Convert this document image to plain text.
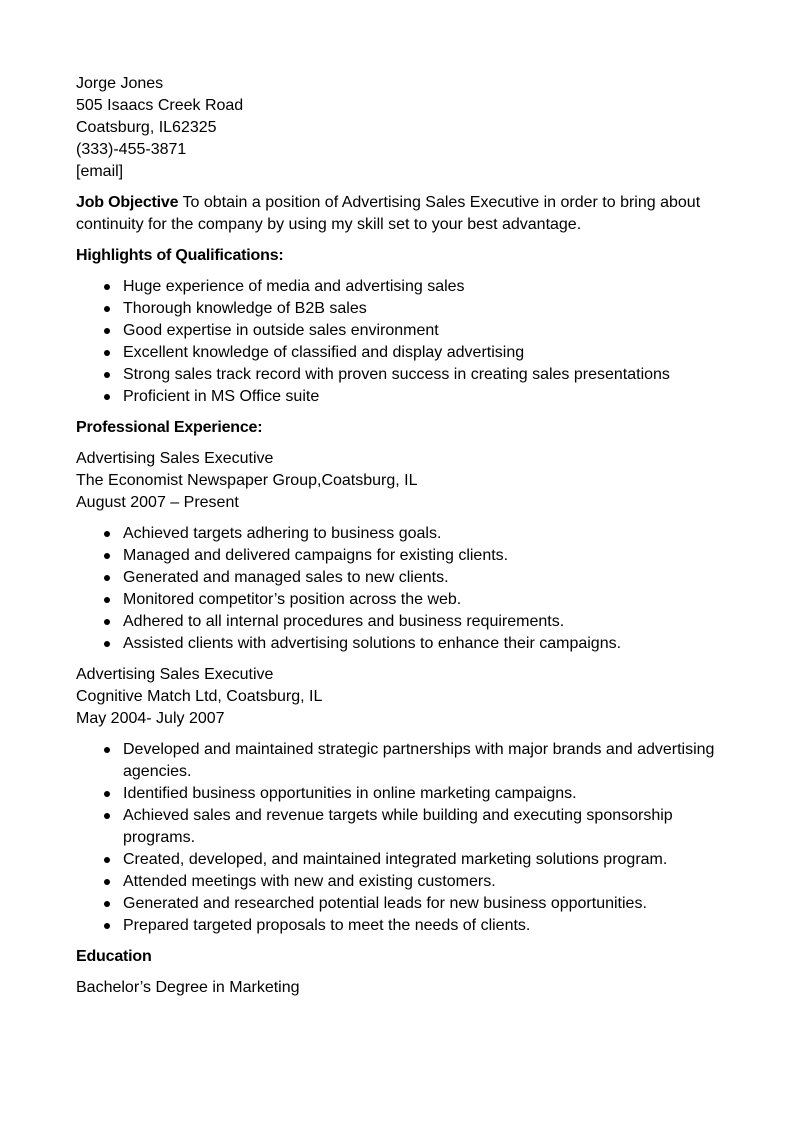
Jorge Jones
505 Isaacs Creek Road
Coatsburg, IL62325
(333)-455-3871
[email]
Job Objective To obtain a position of Advertising Sales Executive in order to bring about continuity for the company by using my skill set to your best advantage.
Highlights of Qualifications:
Huge experience of media and advertising sales
Thorough knowledge of B2B sales
Good expertise in outside sales environment
Excellent knowledge of classified and display advertising
Strong sales track record with proven success in creating sales presentations
Proficient in MS Office suite
Professional Experience:
Advertising Sales Executive
The Economist Newspaper Group,Coatsburg, IL
August 2007 – Present
Achieved targets adhering to business goals.
Managed and delivered campaigns for existing clients.
Generated and managed sales to new clients.
Monitored competitor’s position across the web.
Adhered to all internal procedures and business requirements.
Assisted clients with advertising solutions to enhance their campaigns.
Advertising Sales Executive
Cognitive Match Ltd, Coatsburg, IL
May 2004- July 2007
Developed and maintained strategic partnerships with major brands and advertising agencies.
Identified business opportunities in online marketing campaigns.
Achieved sales and revenue targets while building and executing sponsorship programs.
Created, developed, and maintained integrated marketing solutions program.
Attended meetings with new and existing customers.
Generated and researched potential leads for new business opportunities.
Prepared targeted proposals to meet the needs of clients.
Education
Bachelor’s Degree in Marketing
